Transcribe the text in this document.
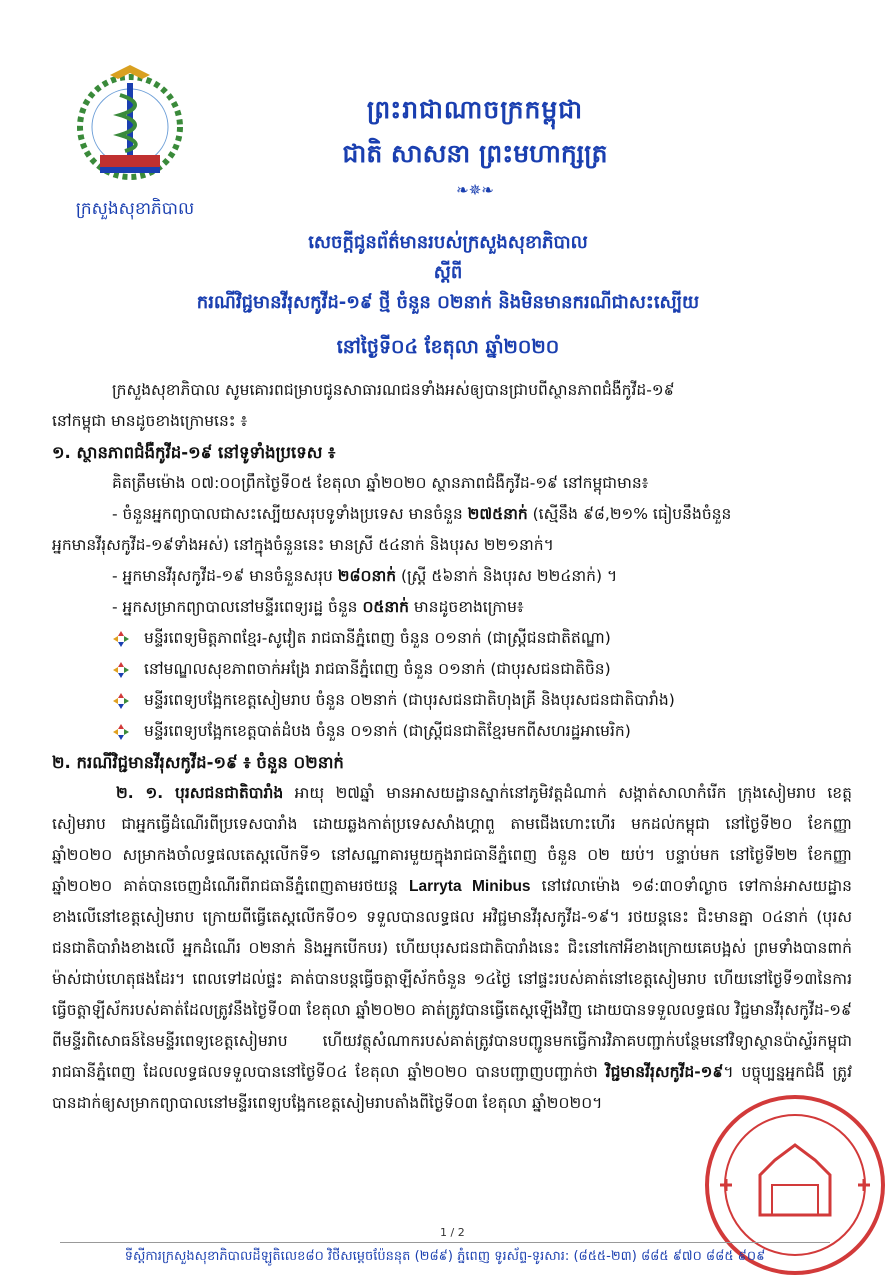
ក្រសួងសុខាភិបាល
ព្រះរាជាណាចក្រកម្ពុជា
ជាតិ សាសនា ព្រះមហាក្សត្រ
❧✵❧
សេចក្តីជូនព័ត៌មានរបស់ក្រសួងសុខាភិបាល
ស្តីពី
ករណីវិជ្ជមានវីរុសកូវីដ-១៩ ថ្មី ចំនួន ០២នាក់ និងមិនមានករណីជាសះស្បើយ
នៅថ្ងៃទី០៤ ខែតុលា ឆ្នាំ២០២០

ក្រសួងសុខាភិបាល សូមគោរពជម្រាបជូនសាធារណជនទាំងអស់ឲ្យបានជ្រាបពីស្ថានភាពជំងឺកូវីដ-១៩

នៅកម្ពុជា មានដូចខាងក្រោមនេះ ៖

១. ស្ថានភាពជំងឺកូវីដ-១៩ នៅទូទាំងប្រទេស ៖

គិតត្រឹមម៉ោង ០៧:០០ព្រឹកថ្ងៃទី០៥ ខែតុលា ឆ្នាំ២០២០ ស្ថានភាពជំងឺកូវីដ-១៩ នៅកម្ពុជាមាន៖

- ចំនួនអ្នកព្យាបាលជាសះស្បើយសរុបទូទាំងប្រទេស មានចំនួន ២៧៥នាក់ (ស្មើនឹង ៩៨,២១% ធៀបនឹងចំនួន

អ្នកមានវីរុសកូវីដ-១៩ទាំងអស់) នៅក្នុងចំនួននេះ មានស្រី ៥៤នាក់ និងបុរស ២២១នាក់។

- អ្នកមានវីរុសកូវីដ-១៩ មានចំនួនសរុប ២៨០នាក់ (ស្ត្រី ៥៦នាក់ និងបុរស ២២៤នាក់) ។

- អ្នកសម្រាកព្យាបាលនៅមន្ទីរពេទ្យរដ្ឋ ចំនួន ០៥នាក់ មានដូចខាងក្រោម៖

មន្ទីរពេទ្យមិត្តភាពខ្មែរ-សូវៀត រាជធានីភ្នំពេញ ចំនួន ០១នាក់ (ជាស្ត្រីជនជាតិឥណ្ឌា)
នៅមណ្ឌលសុខភាពចាក់អង្រែ រាជធានីភ្នំពេញ ចំនួន ០១នាក់ (ជាបុរសជនជាតិចិន)
មន្ទីរពេទ្យបង្អែកខេត្តសៀមរាប ចំនួន ០២នាក់ (ជាបុរសជនជាតិហុងគ្រី និងបុរសជនជាតិបារាំង)
មន្ទីរពេទ្យបង្អែកខេត្តបាត់ដំបង ចំនួន ០១នាក់ (ជាស្ត្រីជនជាតិខ្មែរមកពីសហរដ្ឋអាមេរិក)

២. ករណីវិជ្ជមានវីរុសកូវីដ-១៩ ៖ ចំនួន ០២នាក់

២. ១. បុរសជនជាតិបារាំង អាយុ ២៧ឆ្នាំ មានអាសយដ្ឋានស្នាក់នៅភូមិវត្តដំណាក់ សង្កាត់សាលាកំរើក ក្រុងសៀមរាប ខេត្តសៀមរាប ជាអ្នកធ្វើដំណើរពីប្រទេសបារាំង ដោយឆ្លងកាត់ប្រទេសសាំងហ្គាពួ តាមជើងហោះហើរ មកដល់កម្ពុជា នៅថ្ងៃទី២០ ខែកញ្ញា ឆ្នាំ២០២០ សម្រាកងចាំលទ្ធផលតេស្តលើកទី១ នៅសណ្ឋាគារមួយក្នុងរាជធានីភ្នំពេញ ចំនួន ០២ យប់។ បន្ទាប់មក នៅថ្ងៃទី២២ ខែកញ្ញា ឆ្នាំ២០២០ គាត់បានចេញដំណើរពីរាជធានីភ្នំពេញតាមរថយន្ត Larryta Minibus នៅវេលាម៉ោង ១៨:៣០ទាំល្ងាច ទៅកាន់អាសយដ្ឋានខាងលើនៅខេត្តសៀមរាប ក្រោយពីធ្វើតេស្តលើកទី០១ ទទួលបានលទ្ធផល អវិជ្ជមានវីរុសកូវីដ-១៩។ រថយន្តនេះ ជិះមានគ្នា ០៤នាក់ (បុរសជនជាតិបារាំងខាងលើ អ្នកដំណើរ ០២នាក់ និងអ្នកបើកបរ) ហើយបុរសជនជាតិបារាំងនេះ ជិះនៅកៅអីខាងក្រោយគេបង្អស់ ព្រមទាំងបានពាក់ម៉ាស់ជាប់ហេតុផងដែរ។ ពេលទៅដល់ផ្ទះ គាត់បានបន្តធ្វើចត្តាឡីស័កចំនួន ១៤ថ្ងៃ នៅផ្ទះរបស់គាត់នៅខេត្តសៀមរាប ហើយនៅថ្ងៃទី១៣នៃការធ្វើចត្តាឡីស័ករបស់គាត់ដែលត្រូវនឹងថ្ងៃទី០៣ ខែតុលា ឆ្នាំ២០២០ គាត់ត្រូវបានធ្វើតេស្តឡើងវិញ ដោយបានទទួលលទ្ធផល វិជ្ជមានវីរុសកូវីដ-១៩ ពីមន្ទីរពិសោធន៍នៃមន្ទីរពេទ្យខេត្តសៀមរាប ហើយវត្ថុសំណាករបស់គាត់ត្រូវបានបញ្ជូនមកធ្វើការវិភាគបញ្ជាក់បន្ថែមនៅវិទ្យាស្ថានប៉ាស្ទ័រកម្ពុជា រាជធានីភ្នំពេញ ដែលលទ្ធផលទទួលបាននៅថ្ងៃទី០៤ ខែតុលា ឆ្នាំ២០២០ បានបញ្ជាញបញ្ជាក់ថា វិជ្ជមានវីរុសកូវីដ-១៩។ បច្ចុប្បន្នអ្នកជំងឺ ត្រូវបានដាក់ឲ្យសម្រាកព្យាបាលនៅមន្ទីរពេទ្យបង្អែកខេត្តសៀមរាបតាំងពីថ្ងៃទី០៣ ខែតុលា ឆ្នាំ២០២០។

1 / 2
ទីស្តីការក្រសួងសុខាភិបាលដីឡូតិលេខ៨០ វិថីសម្តេចប៉ែននុត (២៨៩) ភ្នំពេញ ទូរស័ព្ទ-ទូរសារ: (៨៥៥-២៣) ៨៨៥ ៩៧០ ៨៨៥ ៩០៩
